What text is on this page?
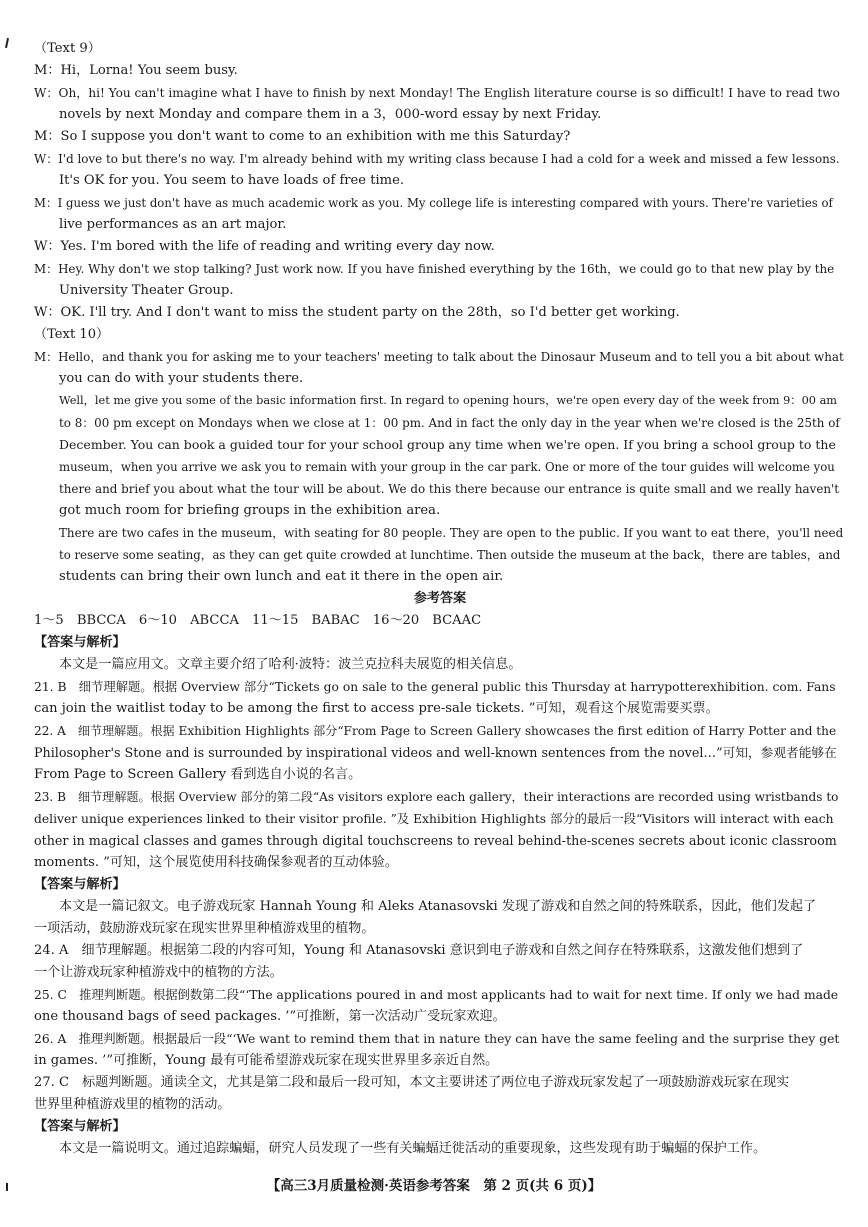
（Text 9）
M：Hi，Lorna! You seem busy.
W：Oh，hi! You can't imagine what I have to finish by next Monday! The English literature course is so difficult! I have to read two
novels by next Monday and compare them in a 3，000-word essay by next Friday.
M：So I suppose you don't want to come to an exhibition with me this Saturday?
W：I'd love to but there's no way. I'm already behind with my writing class because I had a cold for a week and missed a few lessons.
It's OK for you. You seem to have loads of free time.
M：I guess we just don't have as much academic work as you. My college life is interesting compared with yours. There're varieties of
live performances as an art major.
W：Yes. I'm bored with the life of reading and writing every day now.
M：Hey. Why don't we stop talking? Just work now. If you have finished everything by the 16th，we could go to that new play by the
University Theater Group.
W：OK. I'll try. And I don't want to miss the student party on the 28th，so I'd better get working.
（Text 10）
M：Hello，and thank you for asking me to your teachers' meeting to talk about the Dinosaur Museum and to tell you a bit about what
you can do with your students there.
Well，let me give you some of the basic information first. In regard to opening hours，we're open every day of the week from 9：00 am
to 8：00 pm except on Mondays when we close at 1：00 pm. And in fact the only day in the year when we're closed is the 25th of
December. You can book a guided tour for your school group any time when we're open. If you bring a school group to the
museum，when you arrive we ask you to remain with your group in the car park. One or more of the tour guides will welcome you
there and brief you about what the tour will be about. We do this there because our entrance is quite small and we really haven't
got much room for briefing groups in the exhibition area.
There are two cafes in the museum，with seating for 80 people. They are open to the public. If you want to eat there，you'll need
to reserve some seating，as they can get quite crowded at lunchtime. Then outside the museum at the back，there are tables，and
students can bring their own lunch and eat it there in the open air.
参考答案
1～5　BBCCA　6～10　ABCCA　11～15　BABAC　16～20　BCAAC
【答案与解析】
本文是一篇应用文。文章主要介绍了哈利·波特：波兰克拉科夫展览的相关信息。
21. B　细节理解题。根据 Overview 部分“Tickets go on sale to the general public this Thursday at harrypotterexhibition. com. Fans
can join the waitlist today to be among the first to access pre-sale tickets. ”可知，观看这个展览需要买票。
22. A　细节理解题。根据 Exhibition Highlights 部分“From Page to Screen Gallery showcases the first edition of Harry Potter and the
Philosopher's Stone and is surrounded by inspirational videos and well-known sentences from the novel…”可知，参观者能够在
From Page to Screen Gallery 看到选自小说的名言。
23. B　细节理解题。根据 Overview 部分的第二段“As visitors explore each gallery，their interactions are recorded using wristbands to
deliver unique experiences linked to their visitor profile. ”及 Exhibition Highlights 部分的最后一段“Visitors will interact with each
other in magical classes and games through digital touchscreens to reveal behind-the-scenes secrets about iconic classroom
moments. ”可知，这个展览使用科技确保参观者的互动体验。
【答案与解析】
本文是一篇记叙文。电子游戏玩家 Hannah Young 和 Aleks Atanasovski 发现了游戏和自然之间的特殊联系，因此，他们发起了
一项活动，鼓励游戏玩家在现实世界里种植游戏里的植物。
24. A　细节理解题。根据第二段的内容可知，Young 和 Atanasovski 意识到电子游戏和自然之间存在特殊联系，这激发他们想到了
一个让游戏玩家种植游戏中的植物的方法。
25. C　推理判断题。根据倒数第二段“‘The applications poured in and most applicants had to wait for next time. If only we had made
one thousand bags of seed packages. ’”可推断，第一次活动广受玩家欢迎。
26. A　推理判断题。根据最后一段“‘We want to remind them that in nature they can have the same feeling and the surprise they get
in games. ’”可推断，Young 最有可能希望游戏玩家在现实世界里多亲近自然。
27. C　标题判断题。通读全文，尤其是第二段和最后一段可知，本文主要讲述了两位电子游戏玩家发起了一项鼓励游戏玩家在现实
世界里种植游戏里的植物的活动。
【答案与解析】
本文是一篇说明文。通过追踪蝙蝠，研究人员发现了一些有关蝙蝠迁徙活动的重要现象，这些发现有助于蝙蝠的保护工作。
【高三3月质量检测·英语参考答案　第 2 页(共 6 页)】
